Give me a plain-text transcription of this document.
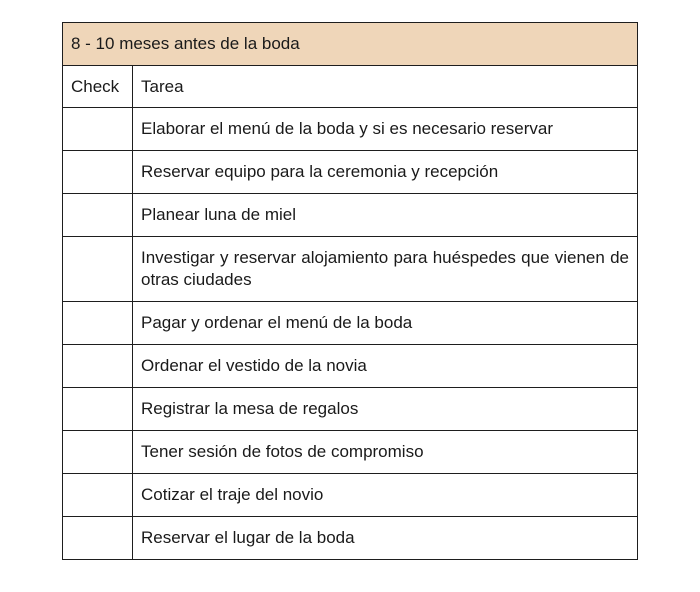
8 - 10 meses antes de la boda	
Check	Tarea

	Elaborar el menú de la boda y si es necesario reservar

	Reservar equipo para la ceremonia y recepción

	Planear luna de miel

	Investigar y reservar alojamiento para huéspedes que vienen de otras ciudades

	Pagar y ordenar el menú de la boda

	Ordenar el vestido de la novia

	Registrar la mesa de regalos

	Tener sesión de fotos de compromiso

	Cotizar el traje del novio

	Reservar el lugar de la boda
